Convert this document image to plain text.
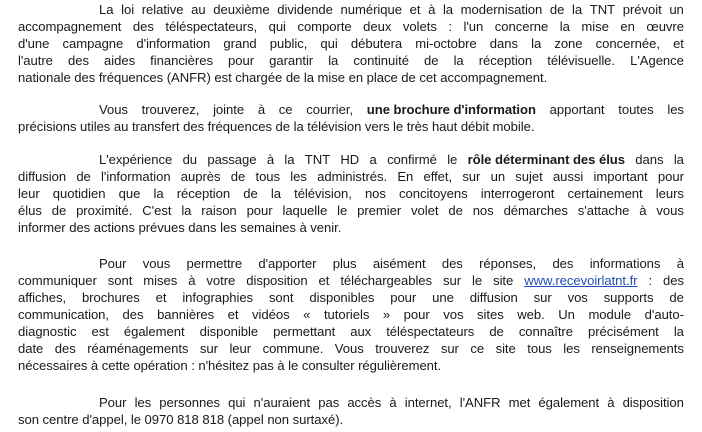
La loi relative au deuxième dividende numérique et à la modernisation de la TNT prévoit un
accompagnement des téléspectateurs, qui comporte deux volets : l'un concerne la mise en œuvre
d'une campagne d'information grand public, qui débutera mi-octobre dans la zone concernée, et
l'autre des aides financières pour garantir la continuité de la réception télévisuelle. L'Agence
nationale des fréquences (ANFR) est chargée de la mise en place de cet accompagnement.
Vous trouverez, jointe à ce courrier, une brochure d'information apportant toutes les
précisions utiles au transfert des fréquences de la télévision vers le très haut débit mobile.
L'expérience du passage à la TNT HD a confirmé le rôle déterminant des élus dans la
diffusion de l'information auprès de tous les administrés. En effet, sur un sujet aussi important pour
leur quotidien que la réception de la télévision, nos concitoyens interrogeront certainement leurs
élus de proximité. C'est la raison pour laquelle le premier volet de nos démarches s'attache à vous
informer des actions prévues dans les semaines à venir.
Pour vous permettre d'apporter plus aisément des réponses, des informations à
communiquer sont mises à votre disposition et téléchargeables sur le site www.recevoirlatnt.fr : des
affiches, brochures et infographies sont disponibles pour une diffusion sur vos supports de
communication, des bannières et vidéos « tutoriels » pour vos sites web. Un module d'auto-
diagnostic est également disponible permettant aux téléspectateurs de connaître précisément la
date des réaménagements sur leur commune. Vous trouverez sur ce site tous les renseignements
nécessaires à cette opération : n'hésitez pas à le consulter régulièrement.
Pour les personnes qui n'auraient pas accès à internet, l'ANFR met également à disposition
son centre d'appel, le 0970 818 818 (appel non surtaxé).
